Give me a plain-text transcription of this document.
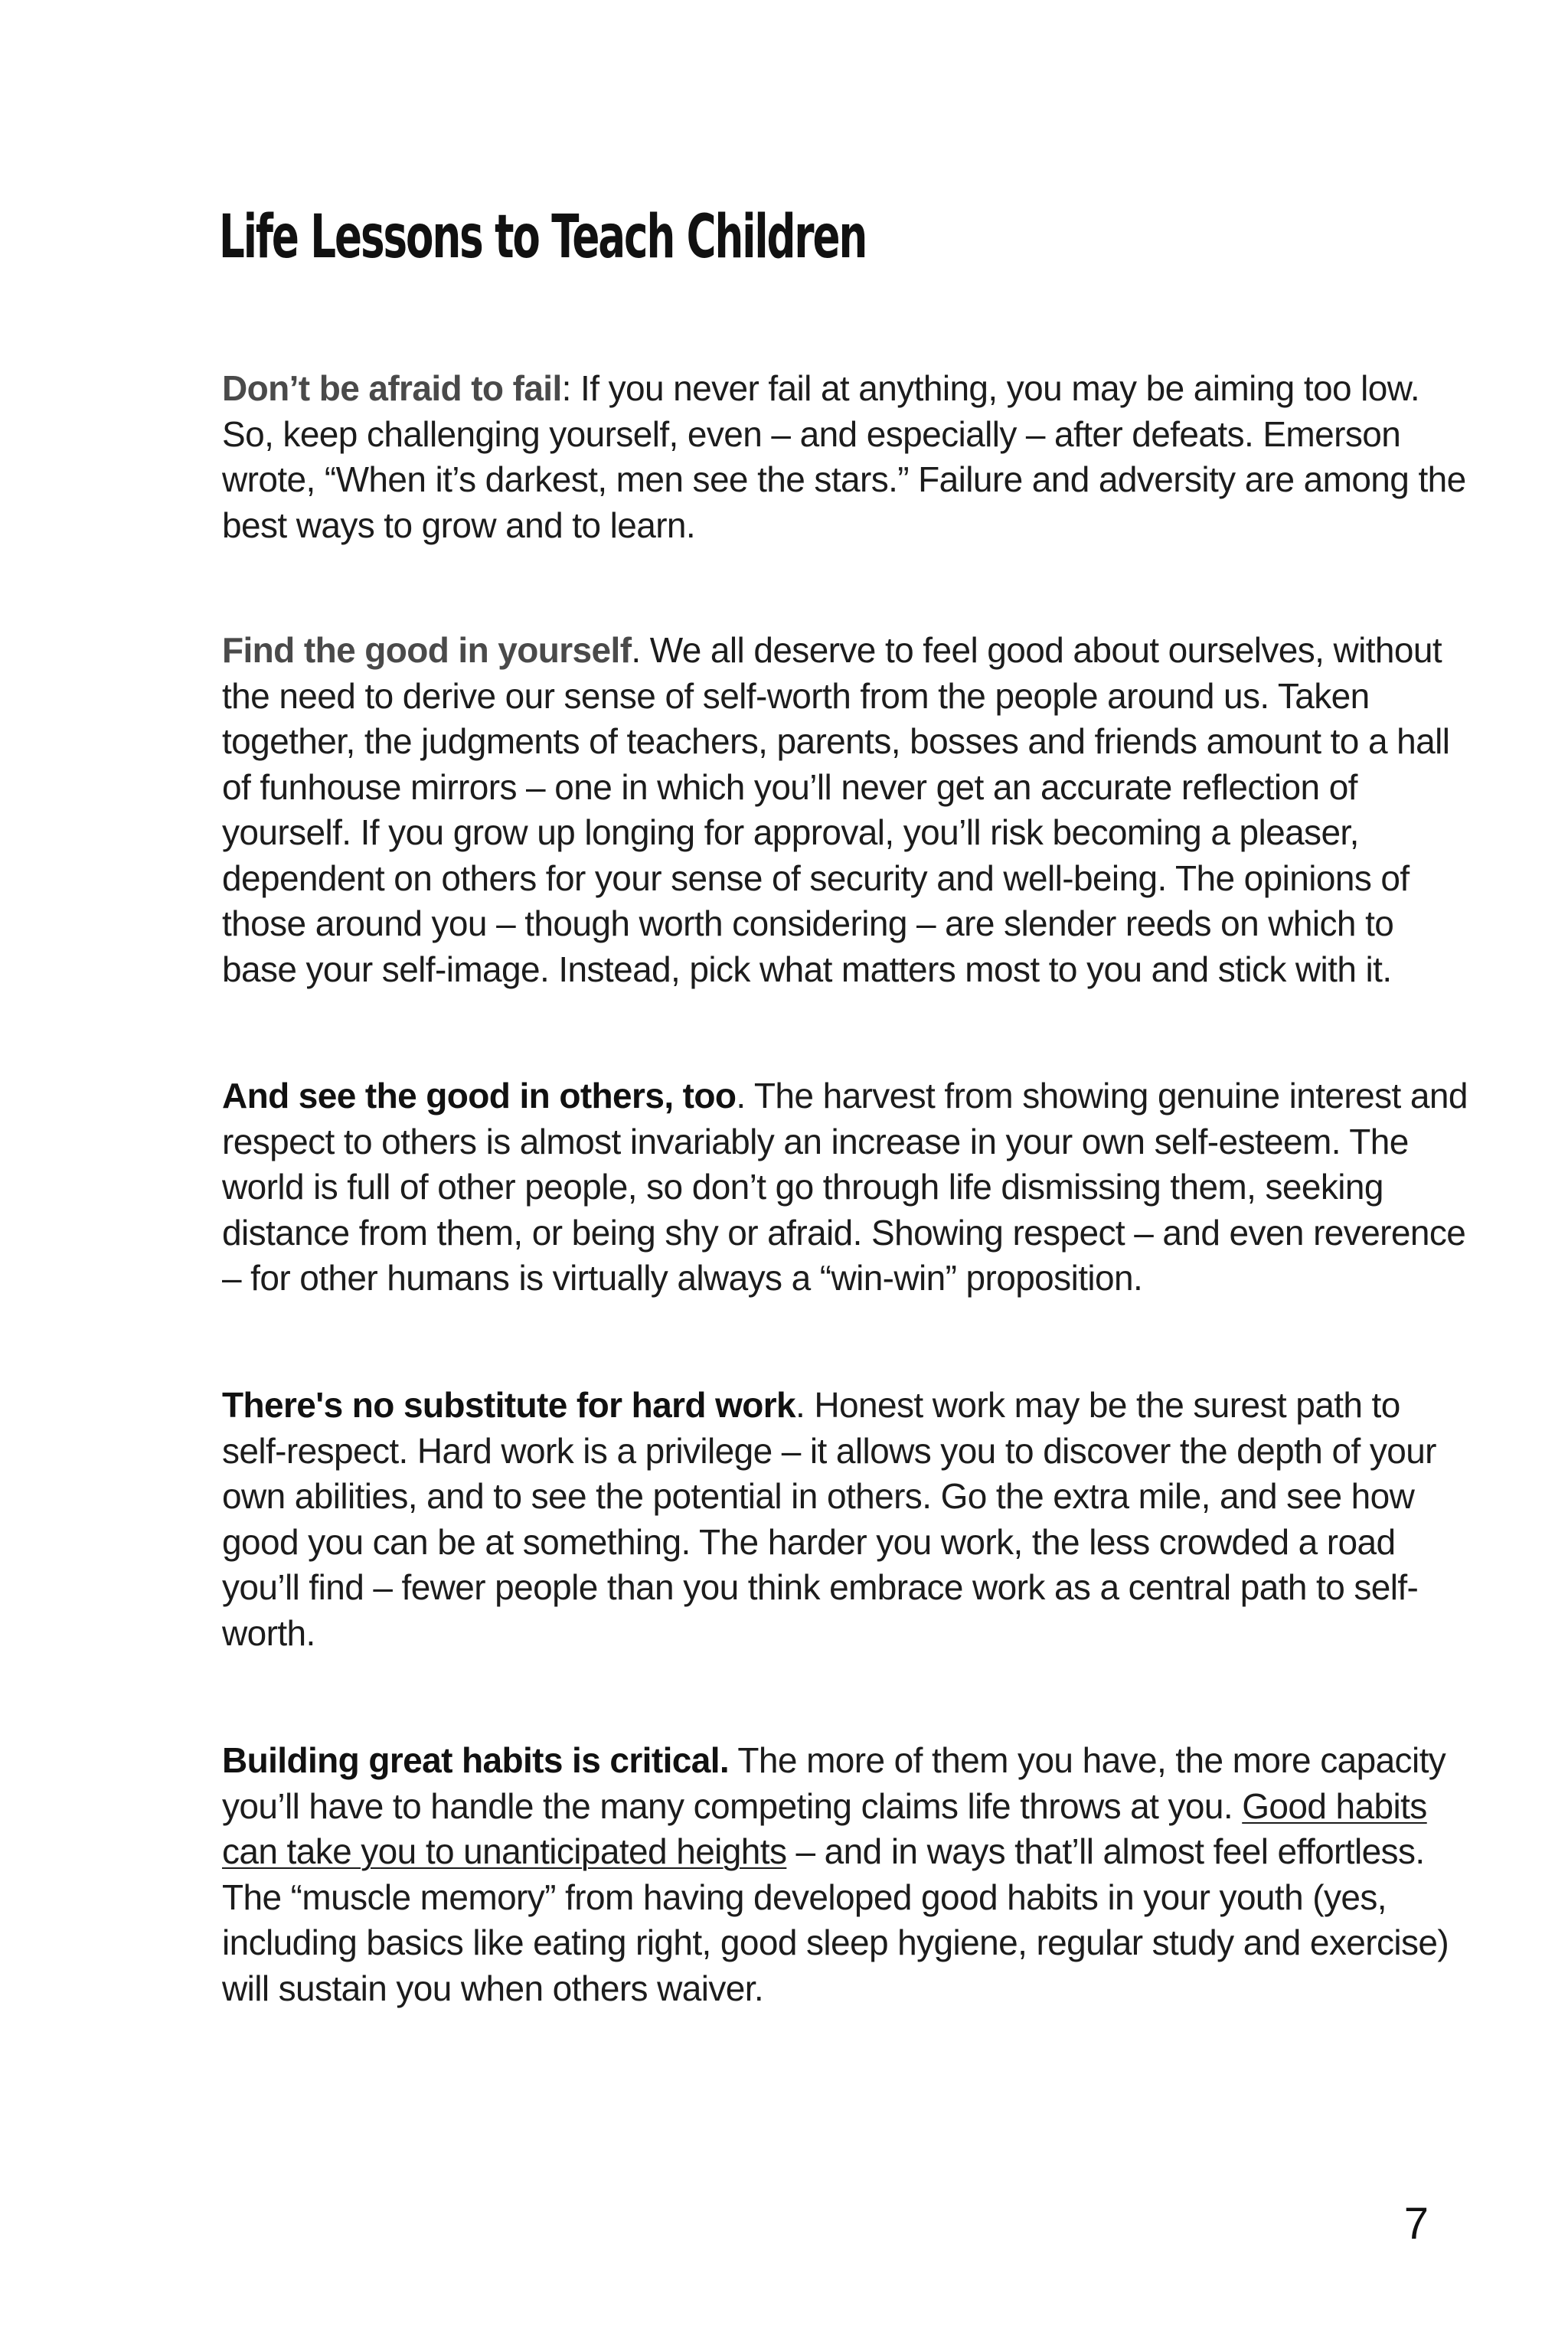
Life Lessons to Teach Children

Don’t be afraid to fail: If you never fail at anything, you may be aiming too low.
So, keep challenging yourself, even – and especially – after defeats. Emerson
wrote, “When it’s darkest, men see the stars.” Failure and adversity are among the
best ways to grow and to learn.

Find the good in yourself. We all deserve to feel good about ourselves, without
the need to derive our sense of self-worth from the people around us. Taken
together, the judgments of teachers, parents, bosses and friends amount to a hall
of funhouse mirrors – one in which you’ll never get an accurate reflection of
yourself. If you grow up longing for approval, you’ll risk becoming a pleaser,
dependent on others for your sense of security and well-being. The opinions of
those around you – though worth considering – are slender reeds on which to
base your self-image. Instead, pick what matters most to you and stick with it.

And see the good in others, too. The harvest from showing genuine interest and
respect to others is almost invariably an increase in your own self-esteem. The
world is full of other people, so don’t go through life dismissing them, seeking
distance from them, or being shy or afraid. Showing respect – and even reverence
– for other humans is virtually always a “win-win” proposition.

There's no substitute for hard work. Honest work may be the surest path to
self-respect. Hard work is a privilege – it allows you to discover the depth of your
own abilities, and to see the potential in others. Go the extra mile, and see how
good you can be at something. The harder you work, the less crowded a road
you’ll find – fewer people than you think embrace work as a central path to self-
worth.

Building great habits is critical. The more of them you have, the more capacity
you’ll have to handle the many competing claims life throws at you. Good habits
can take you to unanticipated heights – and in ways that’ll almost feel effortless.
The “muscle memory” from having developed good habits in your youth (yes,
including basics like eating right, good sleep hygiene, regular study and exercise)
will sustain you when others waiver.

7
